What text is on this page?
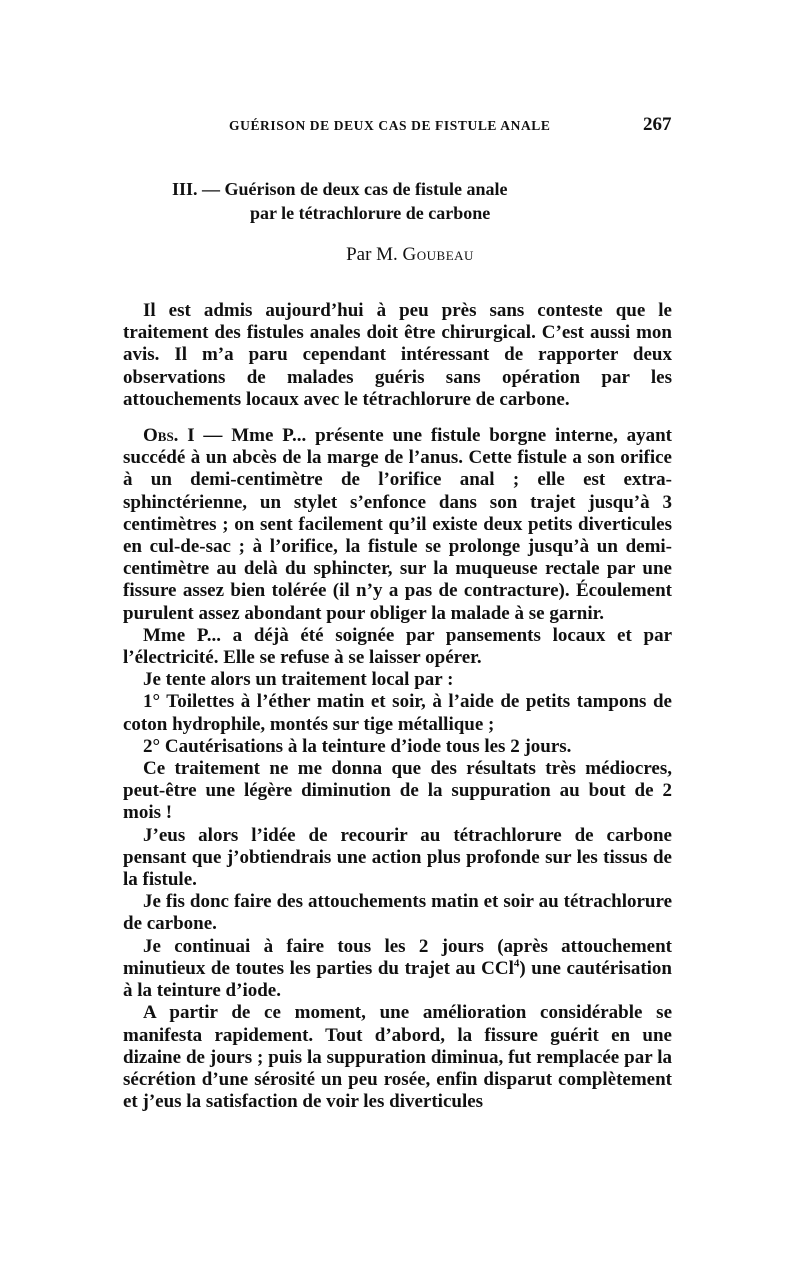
GUÉRISON DE DEUX CAS DE FISTULE ANALE	267
III. — Guérison de deux cas de fistule anale
par le tétrachlorure de carbone
Par M. Goubeau

Il est admis aujourd’hui à peu près sans conteste que le traitement des fistules anales doit être chirurgical. C’est aussi mon avis. Il m’a paru cependant intéressant de rapporter deux observations de malades guéris sans opération par les attouchements locaux avec le tétrachlorure de carbone.

Obs. I — Mme P... présente une fistule borgne interne, ayant succédé à un abcès de la marge de l’anus. Cette fistule a son orifice à un demi-centimètre de l’orifice anal ; elle est extra-sphinctérienne, un stylet s’enfonce dans son trajet jusqu’à 3 centimètres ; on sent facilement qu’il existe deux petits diverticules en cul-de-sac ; à l’orifice, la fistule se prolonge jusqu’à un demi-centimètre au delà du sphincter, sur la muqueuse rectale par une fissure assez bien tolérée (il n’y a pas de contracture). Écoulement purulent assez abondant pour obliger la malade à se garnir.

Mme P... a déjà été soignée par pansements locaux et par l’électricité. Elle se refuse à se laisser opérer.

Je tente alors un traitement local par :

1° Toilettes à l’éther matin et soir, à l’aide de petits tampons de coton hydrophile, montés sur tige métallique ;

2° Cautérisations à la teinture d’iode tous les 2 jours.

Ce traitement ne me donna que des résultats très médiocres, peut-être une légère diminution de la suppuration au bout de 2 mois !

J’eus alors l’idée de recourir au tétrachlorure de carbone pensant que j’obtiendrais une action plus profonde sur les tissus de la fistule.

Je fis donc faire des attouchements matin et soir au tétrachlorure de carbone.

Je continuai à faire tous les 2 jours (après attouchement minutieux de toutes les parties du trajet au CCl$^4$) une cautérisation à la teinture d’iode.

A partir de ce moment, une amélioration considérable se manifesta rapidement. Tout d’abord, la fissure guérit en une dizaine de jours ; puis la suppuration diminua, fut remplacée par la sécrétion d’une sérosité un peu rosée, enfin disparut complètement et j’eus la satisfaction de voir les diverticules
